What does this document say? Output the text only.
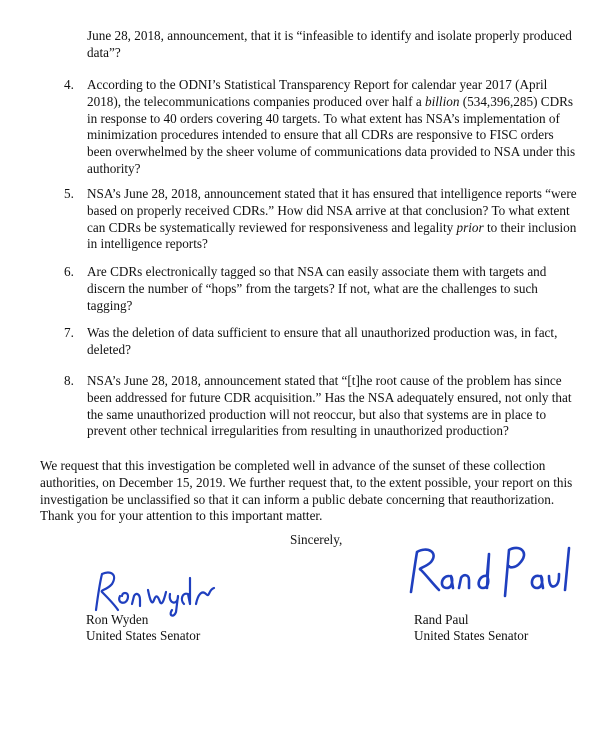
June 28, 2018, announcement, that it is “infeasible to identify and isolate properly produced data”?

4. According to the ODNI’s Statistical Transparency Report for calendar year 2017 (April 2018), the telecommunications companies produced over half a billion (534,396,285) CDRs in response to 40 orders covering 40 targets. To what extent has NSA’s implementation of minimization procedures intended to ensure that all CDRs are responsive to FISC orders been overwhelmed by the sheer volume of communications data provided to NSA under this authority?

5. NSA’s June 28, 2018, announcement stated that it has ensured that intelligence reports “were based on properly received CDRs.” How did NSA arrive at that conclusion? To what extent can CDRs be systematically reviewed for responsiveness and legality prior to their inclusion in intelligence reports?

6. Are CDRs electronically tagged so that NSA can easily associate them with targets and discern the number of “hops” from the targets? If not, what are the challenges to such tagging?

7. Was the deletion of data sufficient to ensure that all unauthorized production was, in fact, deleted?

8. NSA’s June 28, 2018, announcement stated that “[t]he root cause of the problem has since been addressed for future CDR acquisition.” Has the NSA adequately ensured, not only that the same unauthorized production will not reoccur, but also that systems are in place to prevent other technical irregularities from resulting in unauthorized production?

We request that this investigation be completed well in advance of the sunset of these collection authorities, on December 15, 2019. We further request that, to the extent possible, your report on this investigation be unclassified so that it can inform a public debate concerning that reauthorization. Thank you for your attention to this important matter.

Sincerely,

Ron Wyden
United States Senator
Rand Paul
United States Senator
